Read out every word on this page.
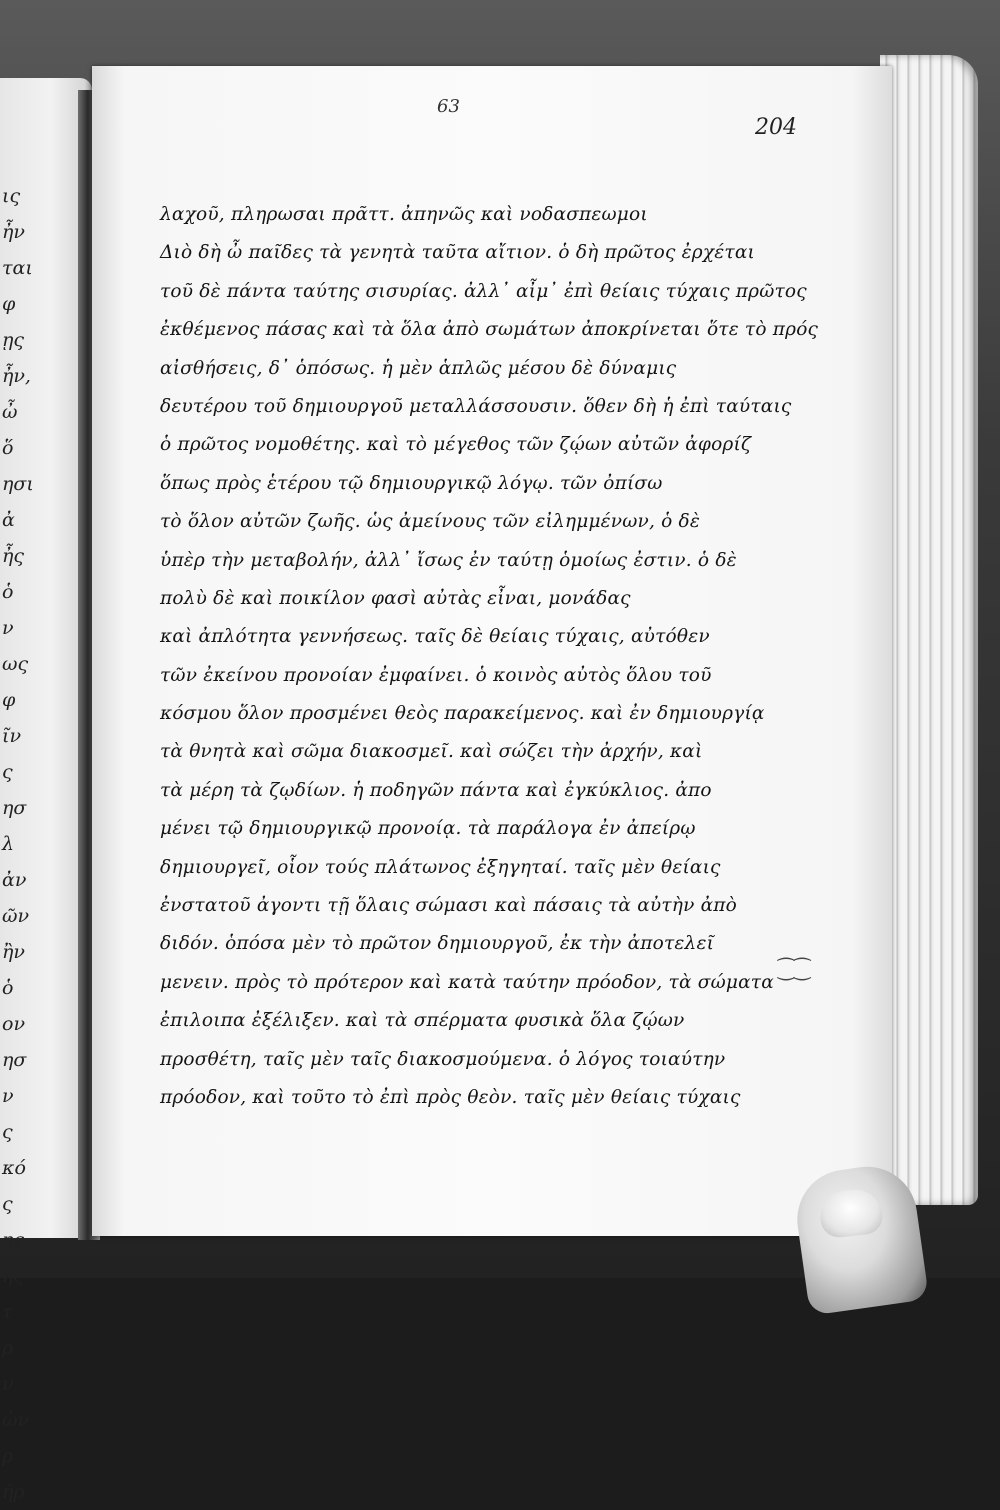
ις
ἦν
ται
φ
ῃς
ἦν,
ὦ
ὅ
ησι
ἀ
ἦς
ὁ
ν
ως
φ
ῖν
ς
ησ
λ
ἀν
ῶν
ἢν
ὁ
ον
ησ
ν
ς
κό
ς
ης
ῆς
τ
ρ
ν
ὡν
ρ
ῆρ
63
204
λαχοῦ, πληρωσαι πρᾶττ. ἀπηνῶς καὶ νοδασπεωμοι
Διὸ δὴ ὦ παῖδες τὰ γενητὰ ταῦτα αἴτιον. ὁ δὴ πρῶτος ἐρχέται
τοῦ δὲ πάντα ταύτης σισυρίας. ἀλλ᾽ αἶμ᾽ ἐπὶ θείαις τύχαις πρῶτος
ἐκθέμενος πάσας καὶ τὰ ὅλα ἀπὸ σωμάτων ἀποκρίνεται ὅτε τὸ πρός
αἰσθήσεις, δ᾽ ὁπόσως. ἡ μὲν ἁπλῶς μέσου δὲ δύναμις
δευτέρου τοῦ δημιουργοῦ μεταλλάσσουσιν. ὅθεν δὴ ἡ ἐπὶ ταύταις
ὁ πρῶτος νομοθέτης. καὶ τὸ μέγεθος τῶν ζῴων αὐτῶν ἀφορίζ
ὅπως πρὸς ἑτέρου τῷ δημιουργικῷ λόγῳ. τῶν ὀπίσω
τὸ ὅλον αὐτῶν ζωῆς. ὡς ἀμείνους τῶν εἰλημμένων, ὁ δὲ
ὑπὲρ τὴν μεταβολήν, ἀλλ᾽ ἴσως ἐν ταύτῃ ὁμοίως ἐστιν. ὁ δὲ
πολὺ δὲ καὶ ποικίλον φασὶ αὐτὰς εἶναι, μονάδας
καὶ ἀπλότητα γεννήσεως. ταῖς δὲ θείαις τύχαις, αὐτόθεν
τῶν ἐκείνου προνοίαν ἐμφαίνει. ὁ κοινὸς αὐτὸς ὅλου τοῦ
κόσμου ὅλον προσμένει θεὸς παρακείμενος. καὶ ἐν δημιουργίᾳ
τὰ θνητὰ καὶ σῶμα διακοσμεῖ. καὶ σώζει τὴν ἀρχήν, καὶ
τὰ μέρη τὰ ζῳδίων. ἡ ποδηγῶν πάντα καὶ ἐγκύκλιος. ἀπο
μένει τῷ δημιουργικῷ προνοίᾳ. τὰ παράλογα ἐν ἀπείρῳ
δημιουργεῖ, οἷον τούς πλάτωνος ἐξηγηταί. ταῖς μὲν θείαις
ἐνστατοῦ ἀγοντι τῇ ὅλαις σώμασι καὶ πάσαις τὰ αὐτὴν ἀπὸ
διδόν. ὁπόσα μὲν τὸ πρῶτον δημιουργοῦ, ἐκ τὴν ἀποτελεῖ
μενειν. πρὸς τὸ πρότερον καὶ κατὰ ταύτην πρόοδον, τὰ σώματα
ἐπιλοιπα ἐξέλιξεν. καὶ τὰ σπέρματα φυσικὰ ὅλα ζῴων
προσθέτη, ταῖς μὲν ταῖς διακοσμούμενα. ὁ λόγος τοιαύτην
πρόοδον, καὶ τοῦτο τὸ ἐπὶ πρὸς θεὸν. ταῖς μὲν θείαις τύχαις
⁐⁐
